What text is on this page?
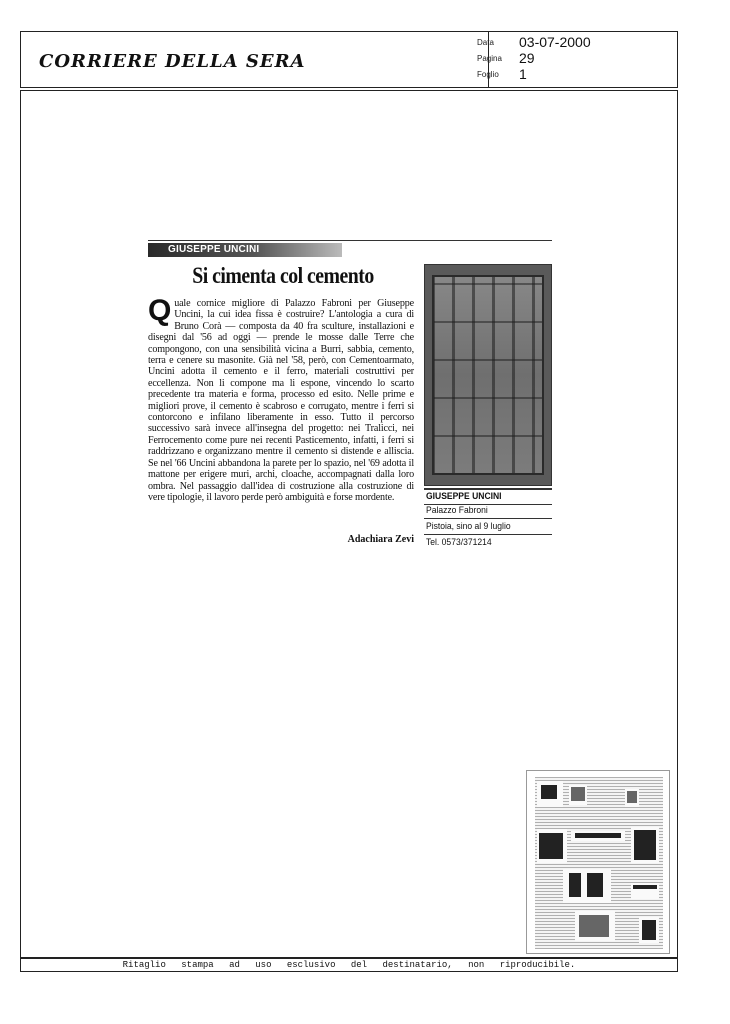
CORRIERE DELLA SERA
Data 03-07-2000
Pagina 29
Foglio 1
GIUSEPPE UNCINI
Si cimenta col cemento
Q uale cornice migliore di Palazzo Fabroni per Giuseppe Uncini, la cui idea fissa è costruire? L'antologia a cura di Bruno Corà — composta da 40 fra sculture, installazioni e disegni dal '56 ad oggi — prende le mosse dalle Terre che compongono, con una sensibilità vicina a Burri, sabbia, cemento, terra e cenere su masonite. Già nel '58, però, con Cementoarmato, Uncini adotta il cemento e il ferro, materiali costruttivi per eccellenza. Non li compone ma li espone, vincendo lo scarto precedente tra materia e forma, processo ed esito. Nelle prime e migliori prove, il cemento è scabroso e corrugato, mentre i ferri si contorcono e infilano liberamente in esso. Tutto il percorso successivo sarà invece all'insegna del progetto: nei Tralicci, nei Ferrocemento come pure nei recenti Pasticemento, infatti, i ferri si raddrizzano e organizzano mentre il cemento si distende e alliscia. Se nel '66 Uncini abbandona la parete per lo spazio, nel '69 adotta il mattone per erigere muri, archi, cloache, accompagnati dalla loro ombra. Nel passaggio dall'idea di costruzione alla costruzione di vere tipologie, il lavoro perde però ambiguità e forse mordente.
Adachiara Zevi
GIUSEPPE UNCINI
Palazzo Fabroni
Pistoia, sino al 9 luglio
Tel. 0573/371214
Ritaglio stampa ad uso esclusivo del destinatario, non riproducibile.
